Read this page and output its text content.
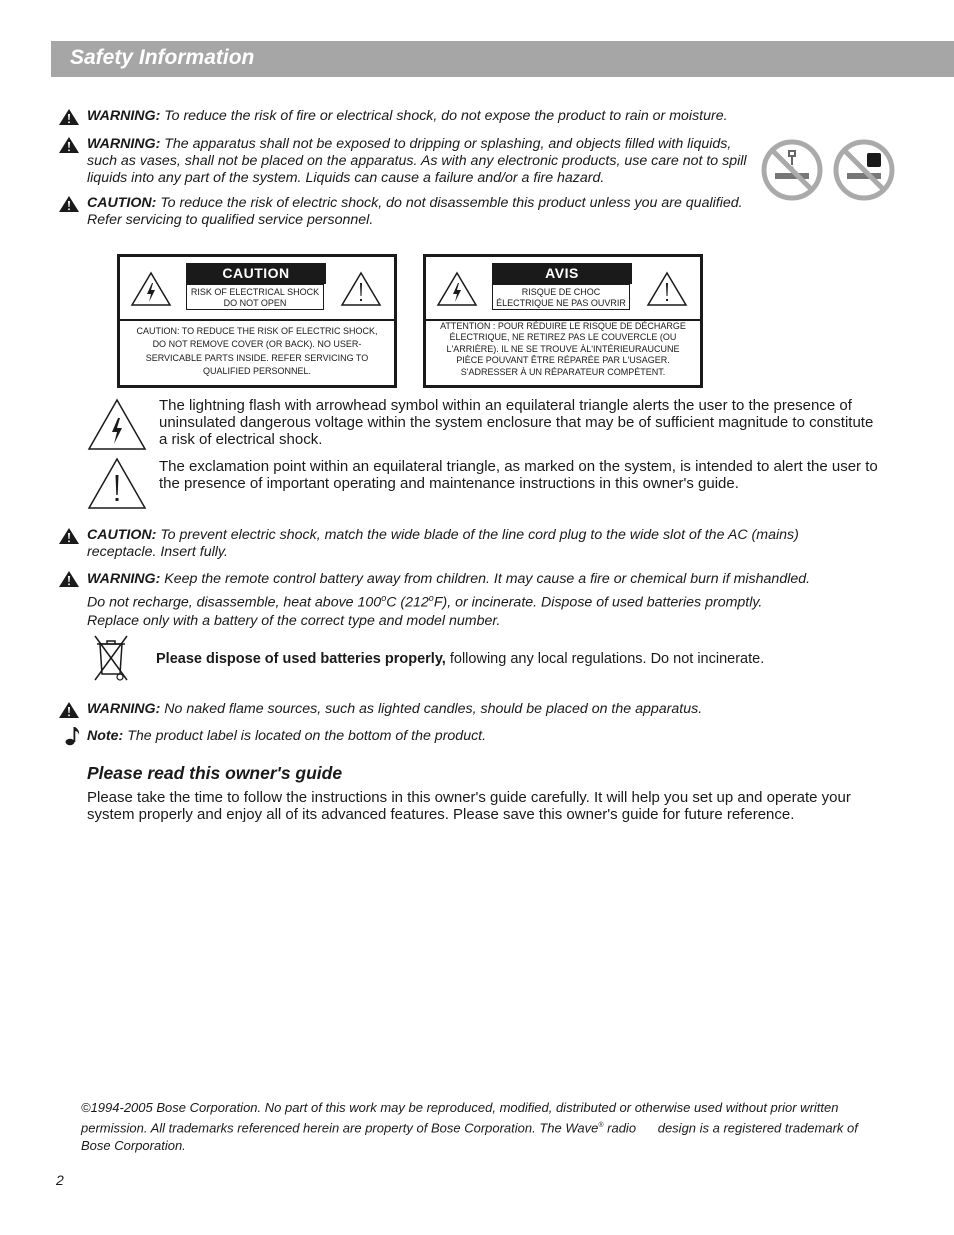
Safety Information
WARNING: To reduce the risk of fire or electrical shock, do not expose the product to rain or moisture.
WARNING: The apparatus shall not be exposed to dripping or splashing, and objects filled with liquids, such as vases, shall not be placed on the apparatus. As with any electronic products, use care not to spill liquids into any part of the system. Liquids can cause a failure and/or a fire hazard.
CAUTION: To reduce the risk of electric shock, do not disassemble this product unless you are qualified. Refer servicing to qualified service personnel.
CAUTION
RISK OF ELECTRICAL SHOCK DO NOT OPEN
CAUTION: TO REDUCE THE RISK OF ELECTRIC SHOCK, DO NOT REMOVE COVER (OR BACK). NO USER-SERVICABLE PARTS INSIDE. REFER SERVICING TO QUALIFIED PERSONNEL.
AVIS
RISQUE DE CHOC ÉLECTRIQUE NE PAS OUVRIR
ATTENTION : POUR RÉDUIRE LE RISQUE DE DÉCHARGE ÉLECTRIQUE, NE RETIREZ PAS LE COUVERCLE (OU L'ARRIÈRE). IL NE SE TROUVE ÀL'INTÉRIEURAUCUNE PIÈCE POUVANT ÊTRE RÉPARÉE PAR L'USAGER. S'ADRESSER À UN RÉPARATEUR COMPÉTENT.
The lightning flash with arrowhead symbol within an equilateral triangle alerts the user to the presence of uninsulated dangerous voltage within the system enclosure that may be of sufficient magnitude to constitute a risk of electrical shock.
The exclamation point within an equilateral triangle, as marked on the system, is intended to alert the user to the presence of important operating and maintenance instructions in this owner's guide.
CAUTION: To prevent electric shock, match the wide blade of the line cord plug to the wide slot of the AC (mains) receptacle. Insert fully.
WARNING: Keep the remote control battery away from children. It may cause a fire or chemical burn if mishandled.
Do not recharge, disassemble, heat above 100$^o$C (212$^o$F), or incinerate. Dispose of used batteries promptly.
Replace only with a battery of the correct type and model number.
Please dispose of used batteries properly, following any local regulations. Do not incinerate.
WARNING: No naked flame sources, such as lighted candles, should be placed on the apparatus.
Note: The product label is located on the bottom of the product.
Please read this owner's guide
Please take the time to follow the instructions in this owner's guide carefully. It will help you set up and operate your system properly and enjoy all of its advanced features. Please save this owner's guide for future reference.
©1994-2005 Bose Corporation. No part of this work may be reproduced, modified, distributed or otherwise used without prior written permission. All trademarks referenced herein are property of Bose Corporation. The Wave® radio      design is a registered trademark of Bose Corporation.
2
